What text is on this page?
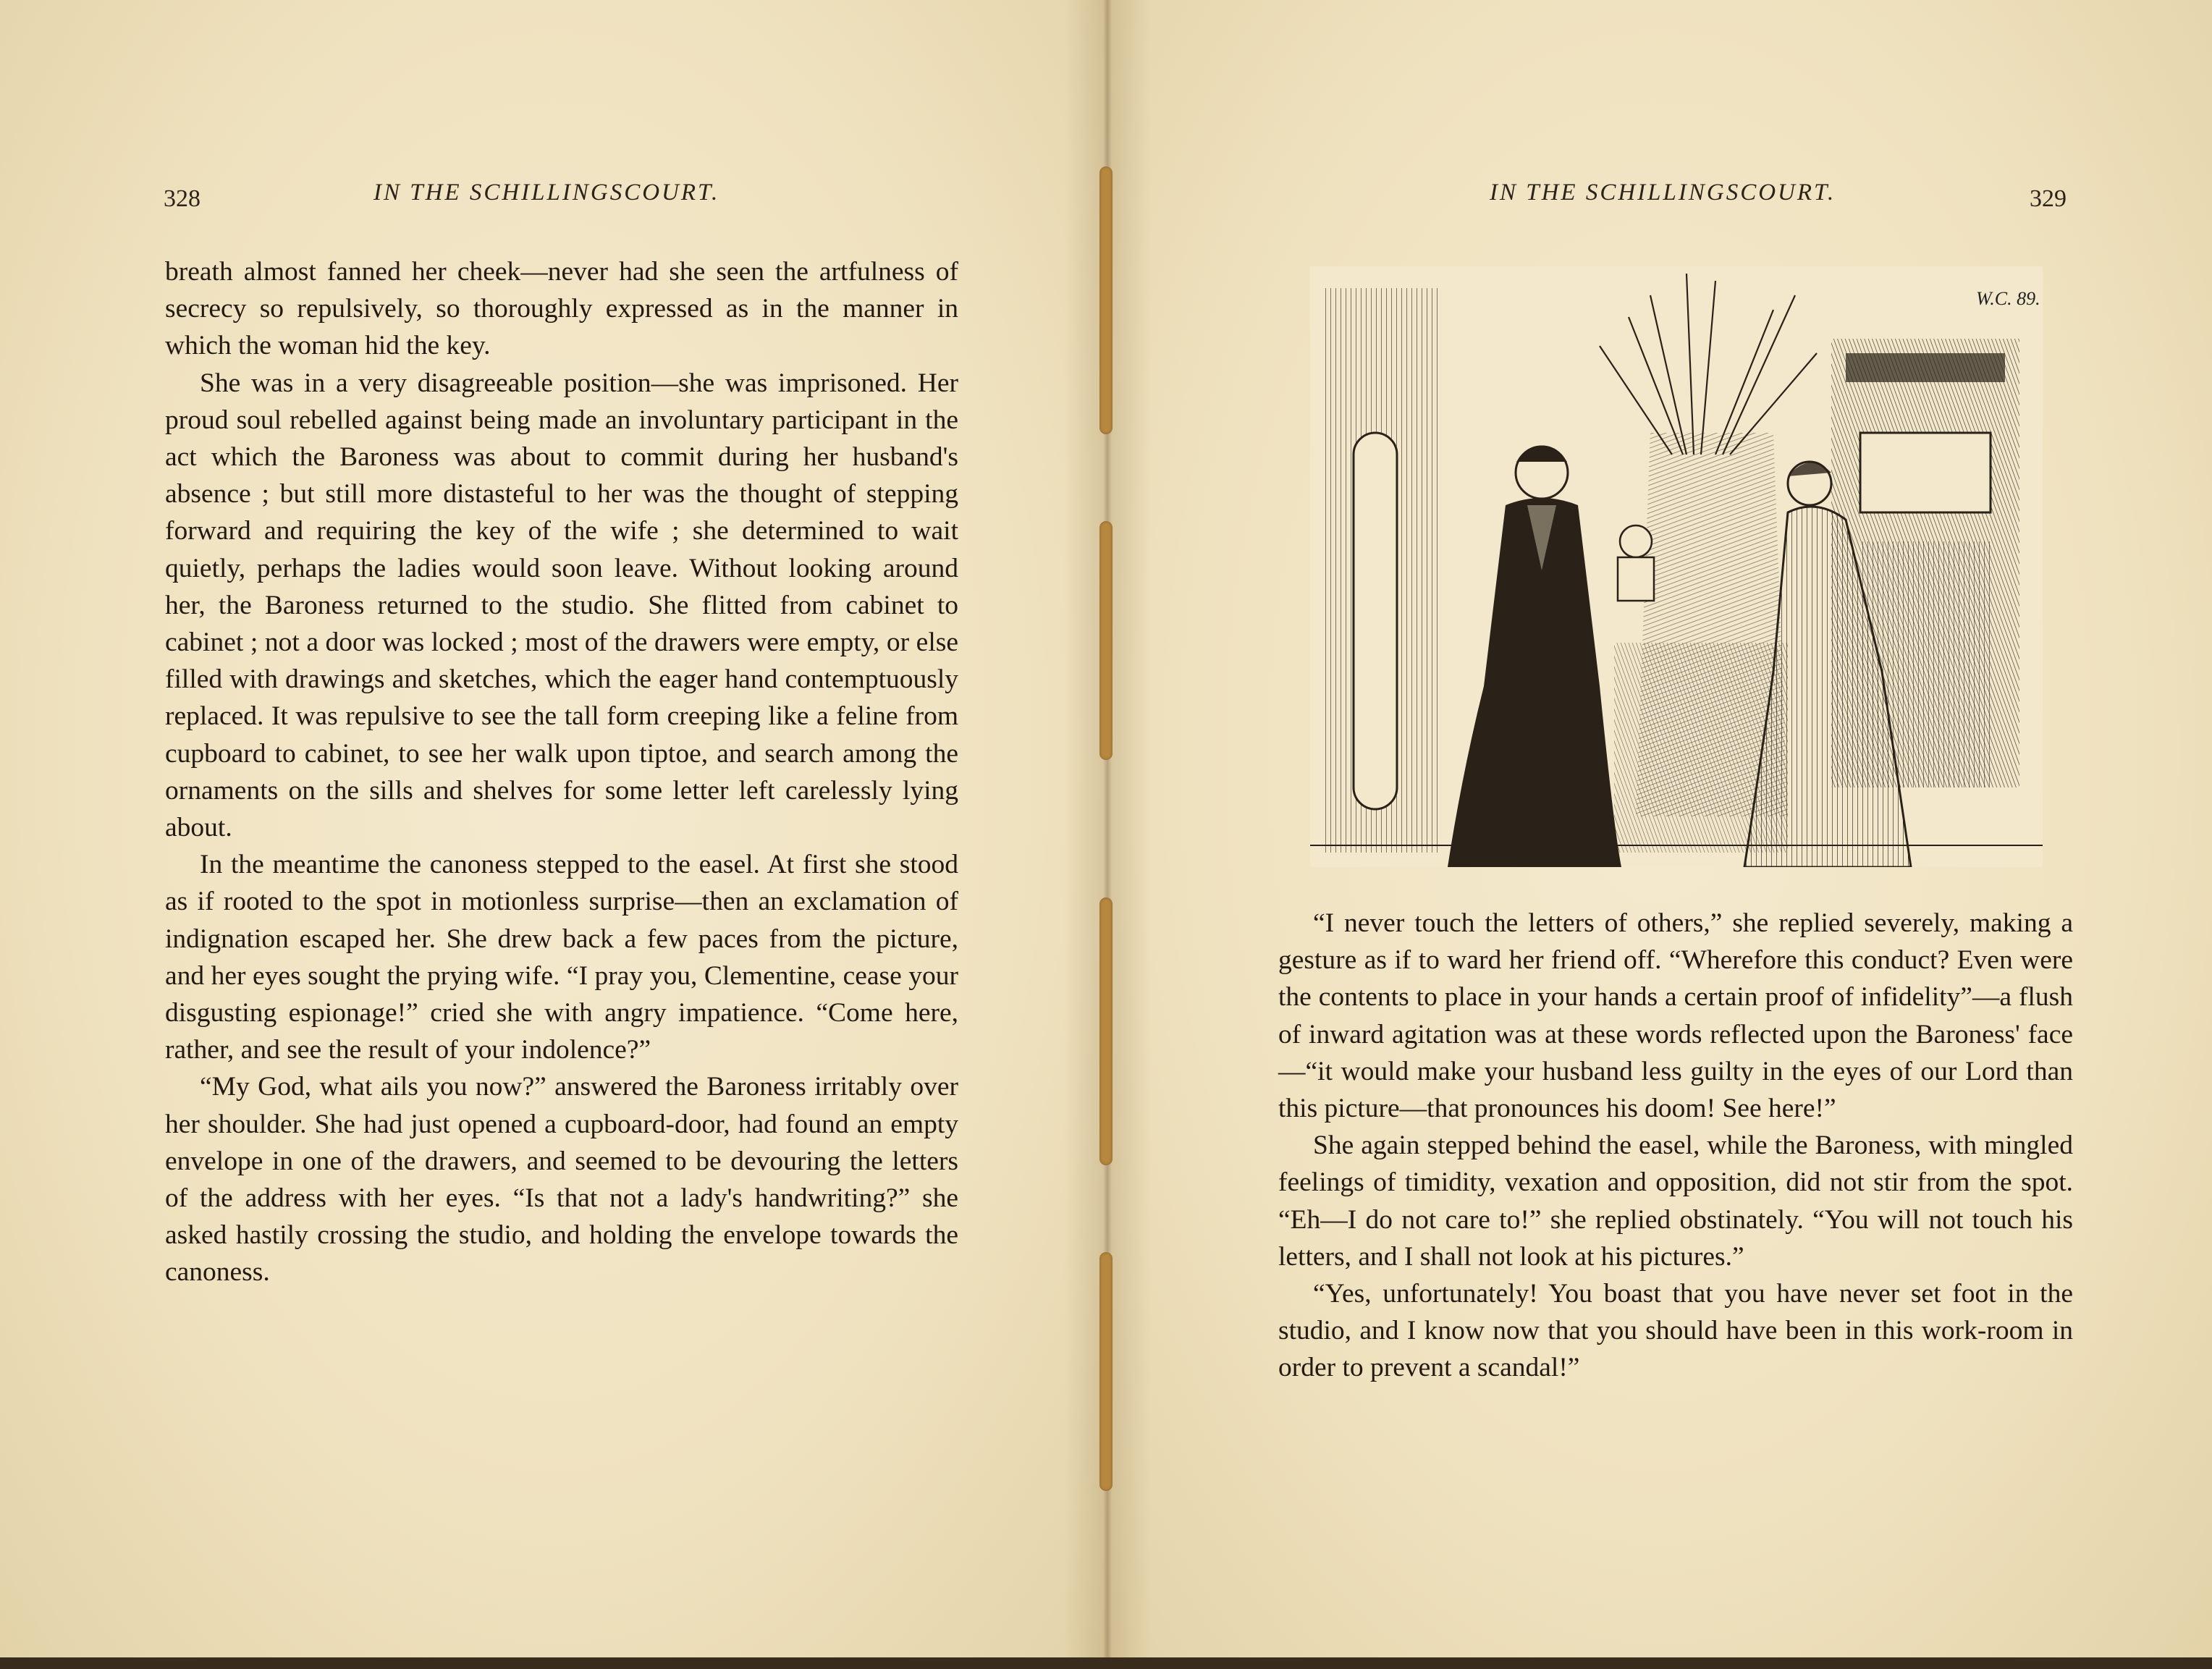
328	IN THE SCHILLINGSCOURT.

breath almost fanned her cheek—never had she seen the artfulness of secrecy so repulsively, so thoroughly expressed as in the manner in which the woman hid the key.

She was in a very disagreeable position—she was imprisoned. Her proud soul rebelled against being made an involuntary participant in the act which the Baroness was about to commit during her husband's absence ; but still more distasteful to her was the thought of stepping forward and requiring the key of the wife ; she determined to wait quietly, perhaps the ladies would soon leave. Without looking around her, the Baroness returned to the studio. She flitted from cabinet to cabinet ; not a door was locked ; most of the drawers were empty, or else filled with drawings and sketches, which the eager hand contemptuously replaced. It was repulsive to see the tall form creeping like a feline from cupboard to cabinet, to see her walk upon tiptoe, and search among the ornaments on the sills and shelves for some letter left carelessly lying about.

In the meantime the canoness stepped to the easel. At first she stood as if rooted to the spot in motionless surprise—then an exclamation of indignation escaped her. She drew back a few paces from the picture, and her eyes sought the prying wife. “I pray you, Clementine, cease your disgusting espionage!” cried she with angry impatience. “Come here, rather, and see the result of your indolence?”

“My God, what ails you now?” answered the Baroness irritably over her shoulder. She had just opened a cupboard-door, had found an empty envelope in one of the drawers, and seemed to be devouring the letters of the address with her eyes. “Is that not a lady's handwriting?” she asked hastily crossing the studio, and holding the envelope towards the canoness.

IN THE SCHILLINGSCOURT.	329
W.C. 89.

“I never touch the letters of others,” she replied severely, making a gesture as if to ward her friend off. “Wherefore this conduct? Even were the contents to place in your hands a certain proof of infidelity”—a flush of inward agitation was at these words reflected upon the Baroness' face—“it would make your husband less guilty in the eyes of our Lord than this picture—that pronounces his doom! See here!”

She again stepped behind the easel, while the Baroness, with mingled feelings of timidity, vexation and opposition, did not stir from the spot. “Eh—I do not care to!” she replied obstinately. “You will not touch his letters, and I shall not look at his pictures.”

“Yes, unfortunately! You boast that you have never set foot in the studio, and I know now that you should have been in this work-room in order to prevent a scandal!”
